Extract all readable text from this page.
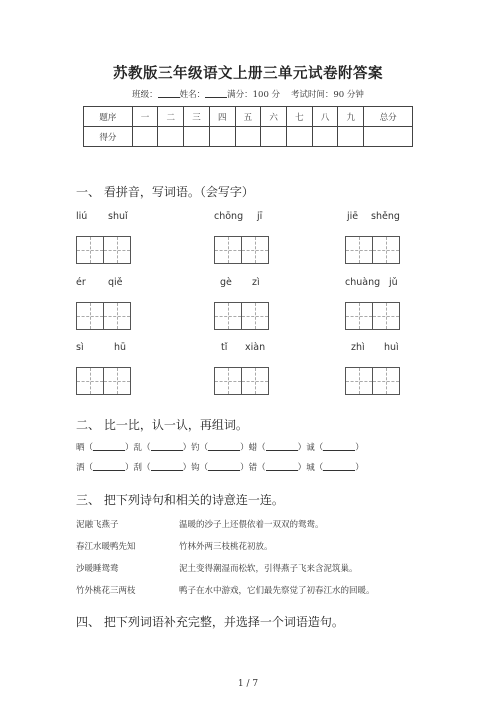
苏教版三年级语文上册三单元试卷附答案
班级：	姓名：	满分：100 分 考试时间：90 分钟
题序	一	二	三	四	五	六	七	八	九	总分
得分										
一、 看拼音，写词语。（会写字）
liú shuǐ	chōng jī	jiē shěng
ér qiě	gè zì	chuàng jǔ
sì	hū	tǐ xiàn	zhì huì
二、 比一比，认一认，再组词。
晒（	）乱（	）钓（	）蜡（	）诚（	）
洒（	）刮（	）钩（	）错（	）城（	）
三、 把下列诗句和相关的诗意连一连。
泥融飞燕子	温暖的沙子上还偎依着一双双的鸳鸯。
春江水暖鸭先知	竹林外两三枝桃花初放。
沙暖睡鸳鸯	泥土变得潮湿而松软，引得燕子飞来含泥筑巢。
竹外桃花三两枝	鸭子在水中游戏，它们最先察觉了初春江水的回暖。
四、 把下列词语补充完整，并选择一个词语造句。
1 / 7
